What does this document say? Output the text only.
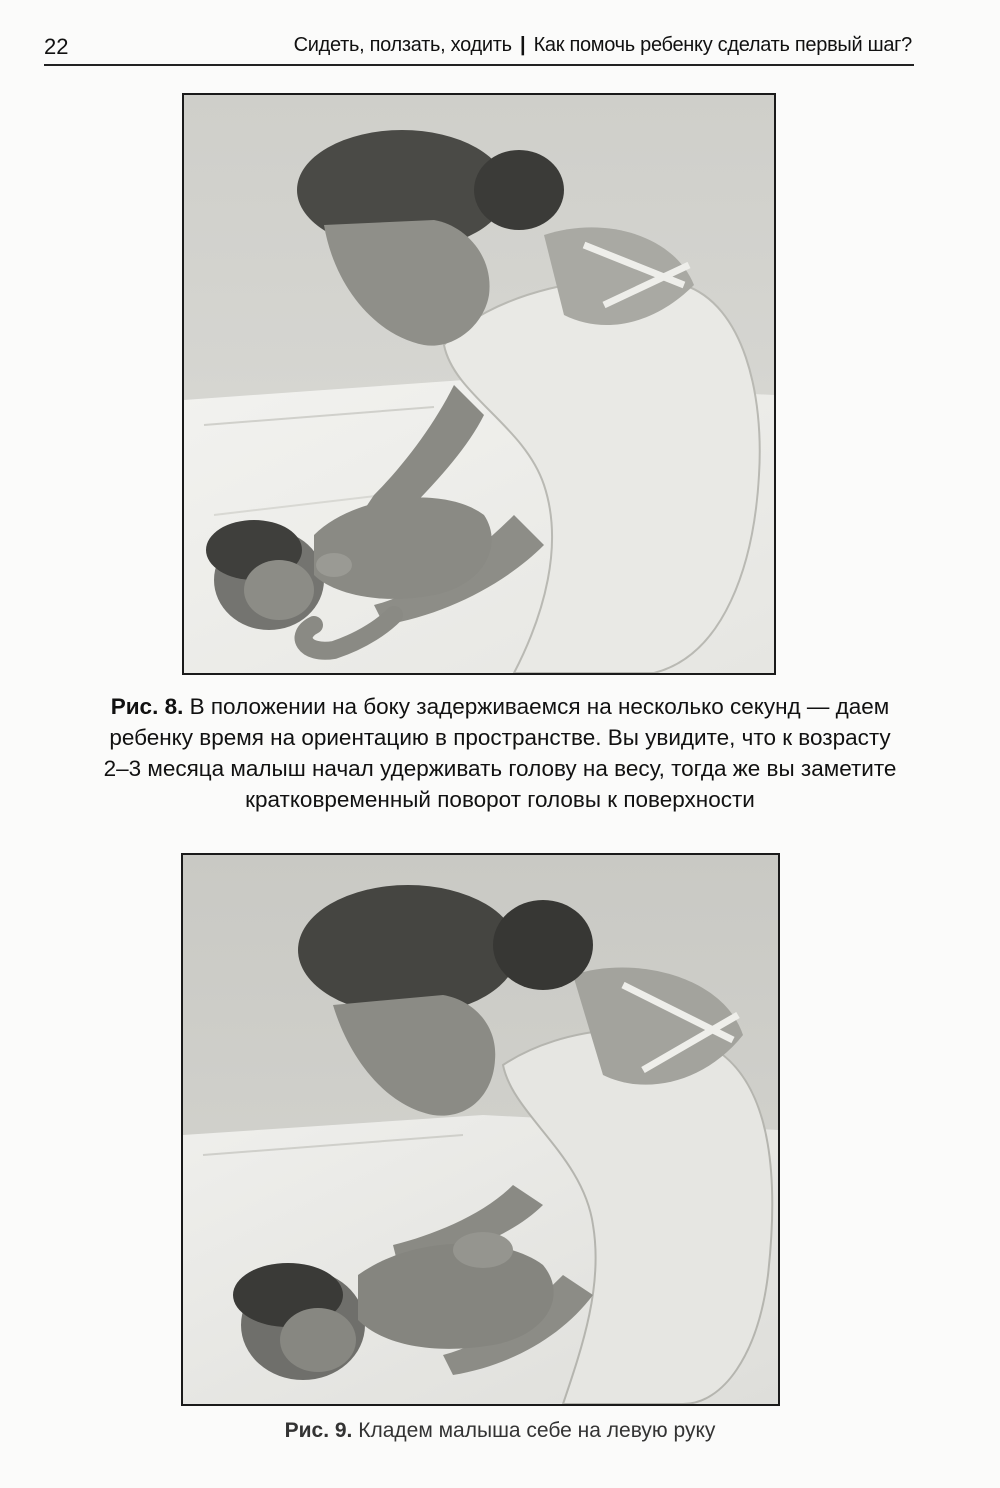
22	Сидеть, ползать, ходить | Как помочь ребенку сделать первый шаг?
Рис. 8. В положении на боку задерживаемся на несколько секунд — даем
ребенку время на ориентацию в пространстве. Вы увидите, что к возрасту
2–3 месяца малыш начал удерживать голову на весу, тогда же вы заметите
кратковременный поворот головы к поверхности
Рис. 9. Кладем малыша себе на левую руку
